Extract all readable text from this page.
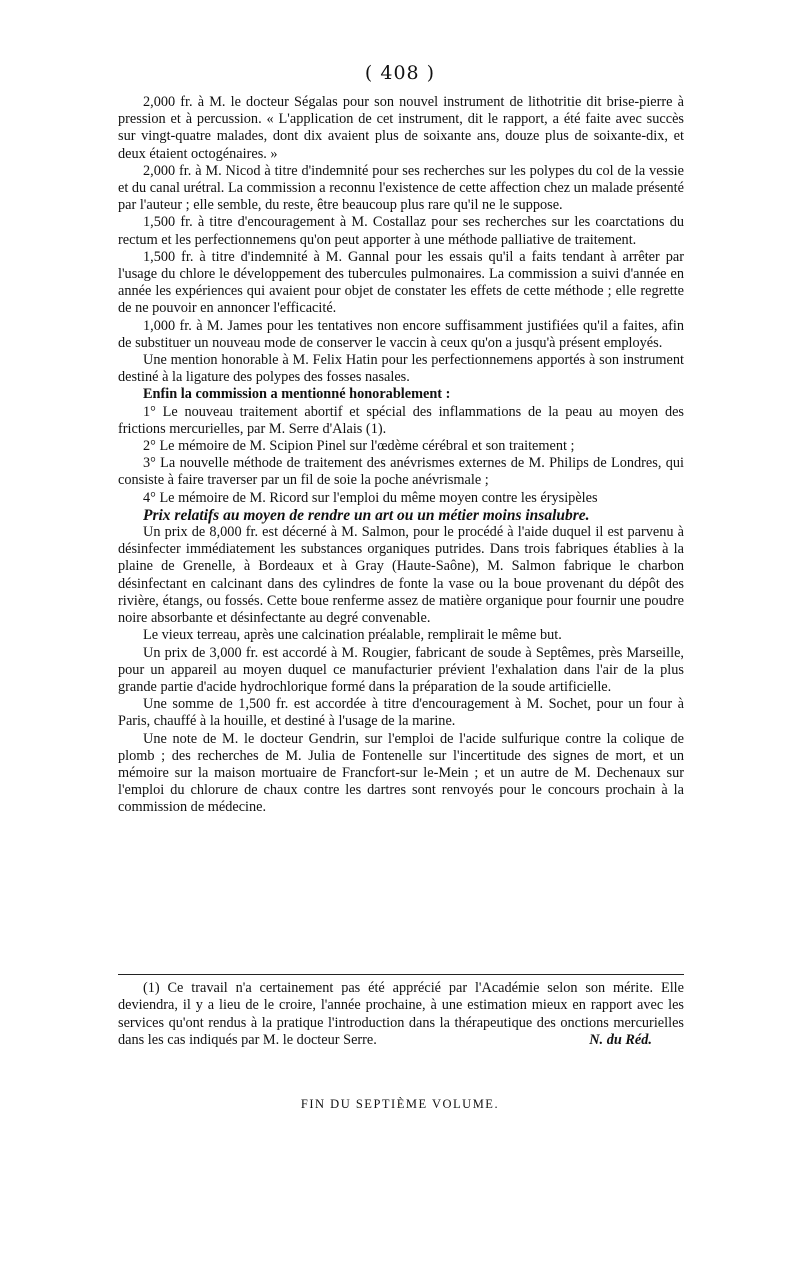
( 408 )

2,000 fr. à M. le docteur Ségalas pour son nouvel instrument de lithotritie dit brise-pierre à pression et à percussion. « L'application de cet instrument, dit le rapport, a été faite avec succès sur vingt-quatre malades, dont dix avaient plus de soixante ans, douze plus de soixante-dix, et deux étaient octogénaires. »

2,000 fr. à M. Nicod à titre d'indemnité pour ses recherches sur les polypes du col de la vessie et du canal urétral. La commission a reconnu l'existence de cette affection chez un malade présenté par l'auteur ; elle semble, du reste, être beaucoup plus rare qu'il ne le suppose.

1,500 fr. à titre d'encouragement à M. Costallaz pour ses recherches sur les coarctations du rectum et les perfectionnemens qu'on peut apporter à une méthode palliative de traitement.

1,500 fr. à titre d'indemnité à M. Gannal pour les essais qu'il a faits tendant à arrêter par l'usage du chlore le développement des tubercules pulmonaires. La commission a suivi d'année en année les expériences qui avaient pour objet de constater les effets de cette méthode ; elle regrette de ne pouvoir en annoncer l'efficacité.

1,000 fr. à M. James pour les tentatives non encore suffisamment justifiées qu'il a faites, afin de substituer un nouveau mode de conserver le vaccin à ceux qu'on a jusqu'à présent employés.

Une mention honorable à M. Felix Hatin pour les perfectionnemens apportés à son instrument destiné à la ligature des polypes des fosses nasales.

Enfin la commission a mentionné honorablement :

1° Le nouveau traitement abortif et spécial des inflammations de la peau au moyen des frictions mercurielles, par M. Serre d'Alais (1).

2° Le mémoire de M. Scipion Pinel sur l'œdème cérébral et son traitement ;

3° La nouvelle méthode de traitement des anévrismes externes de M. Philips de Londres, qui consiste à faire traverser par un fil de soie la poche anévrismale ;

4° Le mémoire de M. Ricord sur l'emploi du même moyen contre les érysipèles

Prix relatifs au moyen de rendre un art ou un métier moins insalubre.

Un prix de 8,000 fr. est décerné à M. Salmon, pour le procédé à l'aide duquel il est parvenu à désinfecter immédiatement les substances organiques putrides. Dans trois fabriques établies à la plaine de Grenelle, à Bordeaux et à Gray (Haute-Saône), M. Salmon fabrique le charbon désinfectant en calcinant dans des cylindres de fonte la vase ou la boue provenant du dépôt des rivière, étangs, ou fossés. Cette boue renferme assez de matière organique pour fournir une poudre noire absorbante et désinfectante au degré convenable.

Le vieux terreau, après une calcination préalable, remplirait le même but.

Un prix de 3,000 fr. est accordé à M. Rougier, fabricant de soude à Septêmes, près Marseille, pour un appareil au moyen duquel ce manufacturier prévient l'exhalation dans l'air de la plus grande partie d'acide hydrochlorique formé dans la préparation de la soude artificielle.

Une somme de 1,500 fr. est accordée à titre d'encouragement à M. Sochet, pour un four à Paris, chauffé à la houille, et destiné à l'usage de la marine.

Une note de M. le docteur Gendrin, sur l'emploi de l'acide sulfurique contre la colique de plomb ; des recherches de M. Julia de Fontenelle sur l'incertitude des signes de mort, et un mémoire sur la maison mortuaire de Francfort-sur le-Mein ; et un autre de M. Dechenaux sur l'emploi du chlorure de chaux contre les dartres sont renvoyés pour le concours prochain à la commission de médecine.

(1) Ce travail n'a certainement pas été apprécié par l'Académie selon son mérite. Elle deviendra, il y a lieu de le croire, l'année prochaine, à une estimation mieux en rapport avec les services qu'ont rendus à la pratique l'introduction dans la thérapeutique des onctions mercurielles dans les cas indiqués par M. le docteur Serre.	N. du Réd.

FIN DU SEPTIÈME VOLUME.
